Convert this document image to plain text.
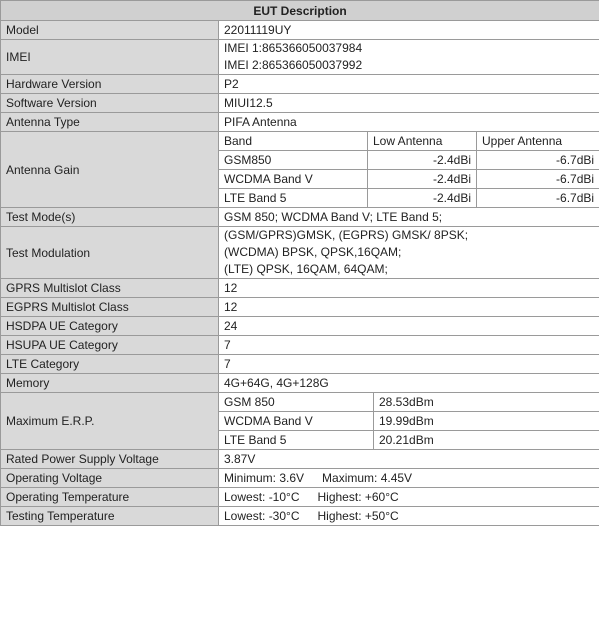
EUT Description				
Model	22011119UY			
IMEI	IMEI 1:865366050037984
IMEI 2:865366050037992			

Hardware Version	P2			
Software Version	MIUI12.5			
Antenna Type	PIFA Antenna			
Antenna Gain	Band	Low Antenna		Upper Antenna
	GSM850	-2.4dBi		-6.7dBi
	WCDMA Band V	-2.4dBi		-6.7dBi
	LTE Band 5	-2.4dBi		-6.7dBi
Test Mode(s)	GSM 850; WCDMA Band V; LTE Band 5;			
Test Modulation	(GSM/GPRS)GMSK, (EGPRS) GMSK/ 8PSK;
(WCDMA) BPSK, QPSK,16QAM;
(LTE) QPSK, 16QAM, 64QAM;			

GPRS Multislot Class	12			
EGPRS Multislot Class	12			
HSDPA UE Category	24			
HSUPA UE Category	7			
LTE Category	7			
Memory	4G+64G, 4G+128G			
Maximum E.R.P.	GSM 850		28.53dBm	
	WCDMA Band V		19.99dBm	
	LTE Band 5		20.21dBm	
Rated Power Supply Voltage	3.87V			
Operating Voltage	Minimum: 3.6V Maximum: 4.45V			
Operating Temperature	Lowest: -10°C Highest: +60°C			
Testing Temperature	Lowest: -30°C Highest: +50°C			
